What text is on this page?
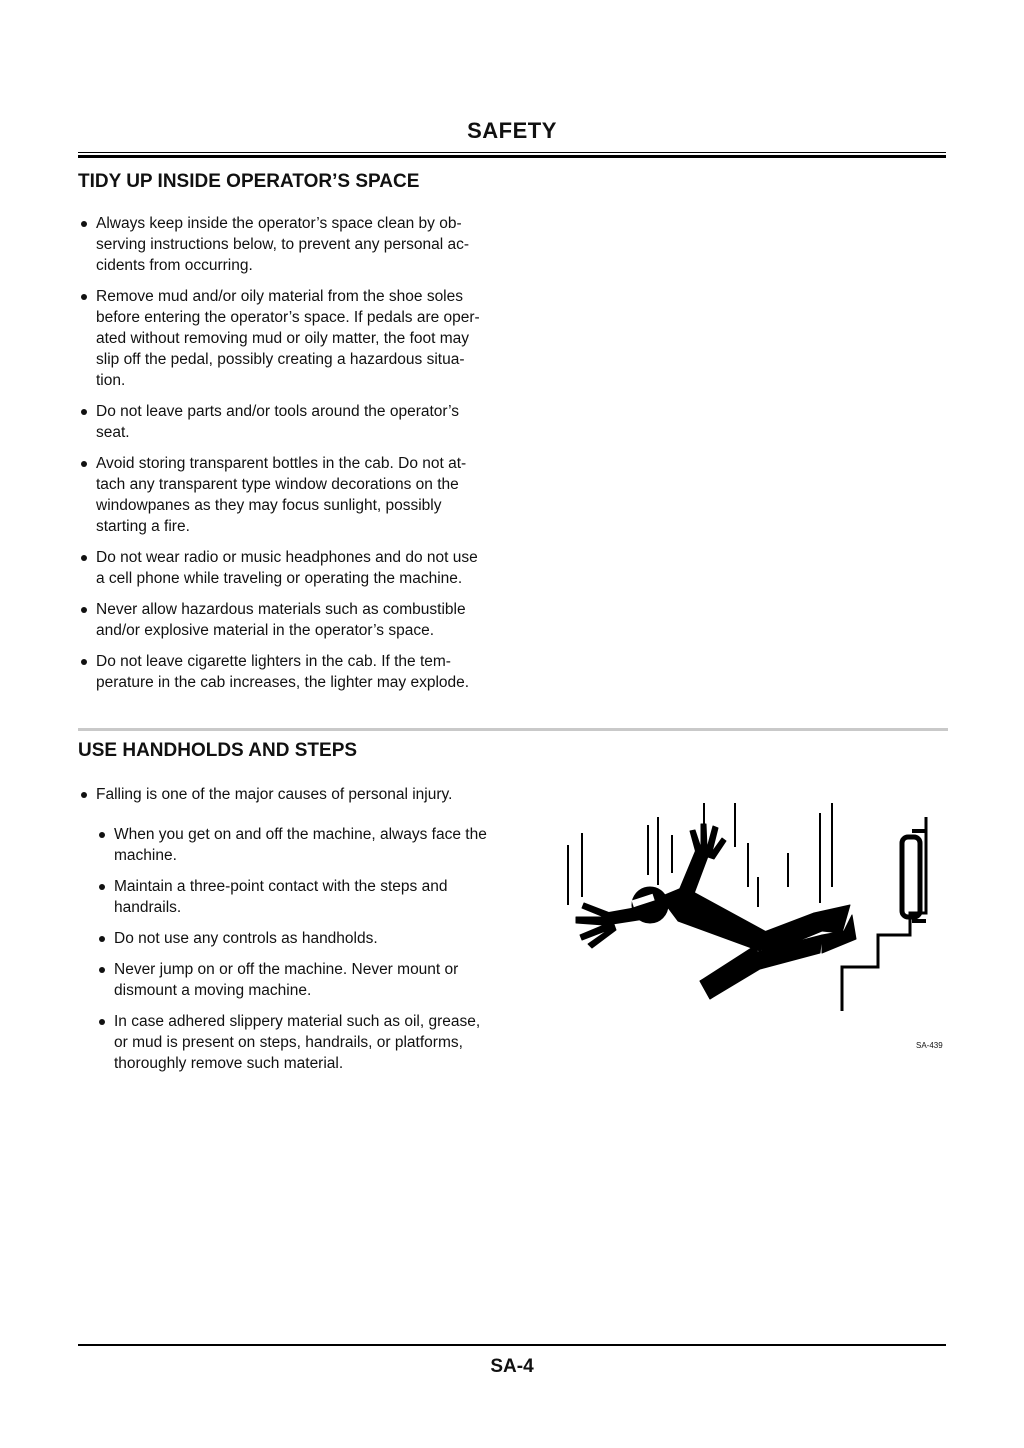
SAFETY
TIDY UP INSIDE OPERATOR’S SPACE
Always keep inside the operator’s space clean by ob-
serving instructions below, to prevent any personal ac-
cidents from occurring.
Remove mud and/or oily material from the shoe soles
before entering the operator’s space. If pedals are oper-
ated without removing mud or oily matter, the foot may
slip off the pedal, possibly creating a hazardous situa-
tion.
Do not leave parts and/or tools around the operator’s
seat.
Avoid storing transparent bottles in the cab. Do not at-
tach any transparent type window decorations on the
windowpanes as they may focus sunlight, possibly
starting a fire.
Do not wear radio or music headphones and do not use
a cell phone while traveling or operating the machine.
Never allow hazardous materials such as combustible
and/or explosive material in the operator’s space.
Do not leave cigarette lighters in the cab. If the tem-
perature in the cab increases, the lighter may explode.
USE HANDHOLDS AND STEPS
Falling is one of the major causes of personal injury.
When you get on and off the machine, always face the
machine.
Maintain a three-point contact with the steps and
handrails.
Do not use any controls as handholds.
Never jump on or off the machine. Never mount or
dismount a moving machine.
In case adhered slippery material such as oil, grease,
or mud is present on steps, handrails, or platforms,
thoroughly remove such material.
SA-439
SA-4
